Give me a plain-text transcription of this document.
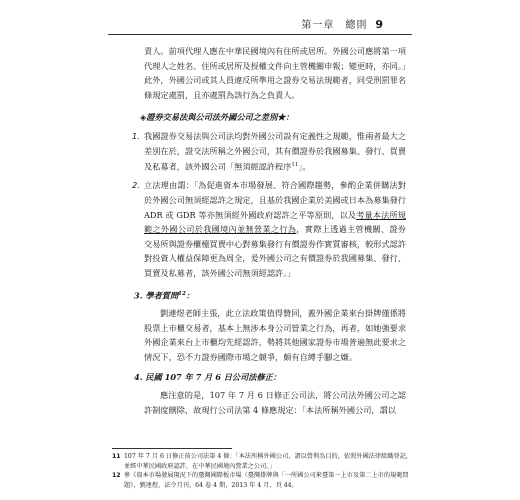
第一章　總則 9

責人。前項代理人應在中華民國境內有住所或居所。外國公司應將第一項代理人之姓名、住所或居所及授權文件向主管機關申報；變更時，亦同。」此外，外國公司或其人員違反所準用之證券交易法規範者，同受刑罰罪名條規定處罰，且亦處罰為該行為之負責人。

◈證券交易法與公司法外國公司之差別★：

1. 我國證券交易法與公司法均對外國公司設有定義性之規範，惟兩者最大之差別在於，證交法所稱之外國公司，其有價證券於我國募集、發行、買賣及私募者，該外國公司「無須經認許程序$^{11}$」。

2. 立法理由謂：「為促進資本市場發展、符合國際趨勢，參酌企業併購法對於外國公司無須經認許之規定，且基於我國企業於美國或日本為募集發行 ADR 或 GDR 等亦無須經外國政府認許之平等原則，以及考量本法所規範之外國公司於我國境內並無營業之行為，實際上透過主管機關、證券交易所與證券櫃檯買賣中心對募集發行有價證券作實質審核，較形式認許對投資人權益保障更為周全，爰外國公司之有價證券於我國募集、發行、買賣及私募者，該外國公司無須經認許。」

3. 學者質問$^{12}$：

劉連煜老師主張，此立法政策值得贊同，蓋外國企業來台掛牌僅係將股票上市櫃交易者，基本上無涉本身公司營業之行為，再者，如她強要求外國企業來台上市櫃均先經認許，勢將其他國家證券市場普遍無此要求之情況下，恐不力證券國際市場之競爭，頗有自縛手腳之嫌。

4. 民國 107 年 7 月 6 日公司法修正：

應注意的是，107 年 7 月 6 日修正公司法，將公司法外國公司之認許制度刪除，故現行公司法第 4 條應規定：「本法所稱外國公司，謂以

11 107 年 7 月 6 日修正前公司法第 4 條：「本法所稱外國公司，謂以營利為目的，依照外國法律組織登記，並經中華民國政府認許，在中華民國境內營業之公司。」
12 參《資本市場發展現況下的臺灣國際板市場（臺灣掛牌與「一所國公司來臺第一上市及第二上市的規範問題》，劉連煜，法令月刊，64 卷 4 期，2013 年 4 月，頁 44。
